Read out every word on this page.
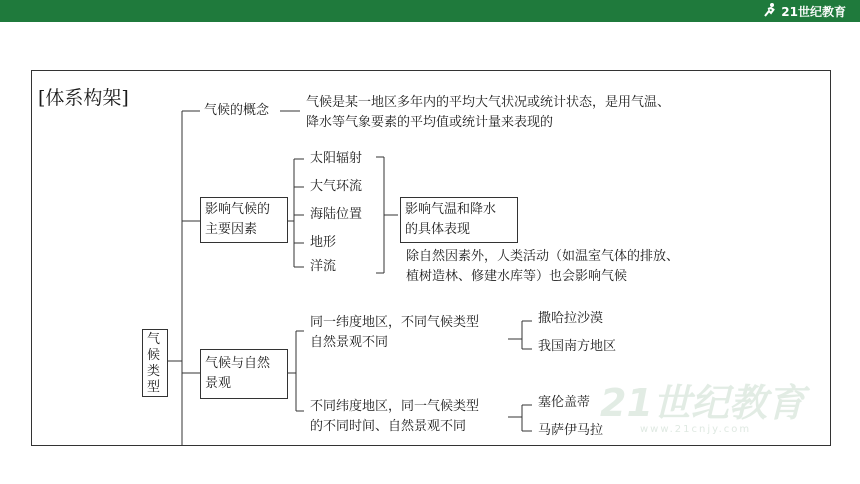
21世纪教育
[体系构架]
气候类型
气候的概念
气候是某一地区多年内的平均大气状况或统计状态，是用气温、
降水等气象要素的平均值或统计量来表现的
影响气候的
主要因素
太阳辐射
大气环流
海陆位置
地形
洋流
影响气温和降水
的具体表现
除自然因素外，人类活动（如温室气体的排放、
植树造林、修建水库等）也会影响气候
气候与自然
景观
同一纬度地区，不同气候类型
自然景观不同
撒哈拉沙漠
我国南方地区
不同纬度地区，同一气候类型
的不同时间、自然景观不同
塞伦盖蒂
马萨伊马拉
21世纪教育
www.21cnjy.com
